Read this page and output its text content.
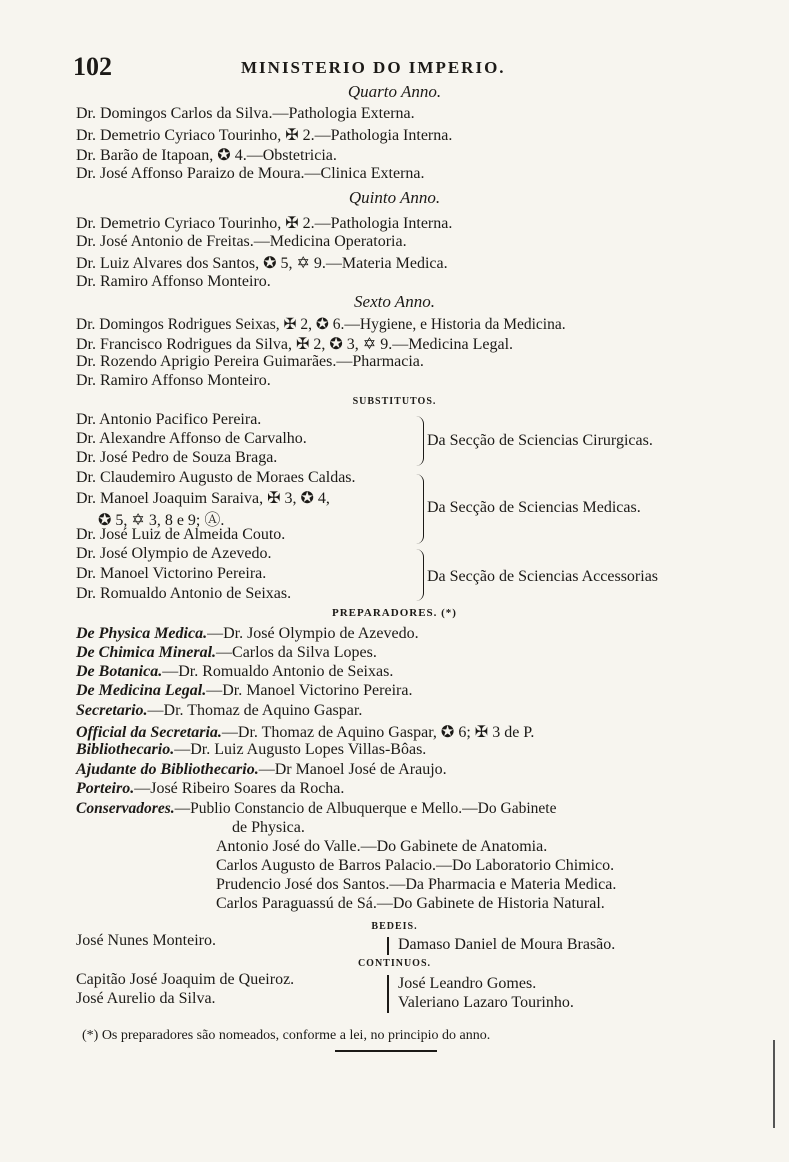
102	MINISTERIO DO IMPERIO.
Quarto Anno.
Dr. Domingos Carlos da Silva.—Pathologia Externa.
Dr. Demetrio Cyriaco Tourinho, ✠ 2.—Pathologia Interna.
Dr. Barão de Itapoan, ✪ 4.—Obstetricia.
Dr. José Affonso Paraizo de Moura.—Clinica Externa.
Quinto Anno.
Dr. Demetrio Cyriaco Tourinho, ✠ 2.—Pathologia Interna.
Dr. José Antonio de Freitas.—Medicina Operatoria.
Dr. Luiz Alvares dos Santos, ✪ 5, ✡ 9.—Materia Medica.
Dr. Ramiro Affonso Monteiro.
Sexto Anno.
Dr. Domingos Rodrigues Seixas, ✠ 2, ✪ 6.—Hygiene, e Historia da Medicina.
Dr. Francisco Rodrigues da Silva, ✠ 2, ✪ 3, ✡ 9.—Medicina Legal.
Dr. Rozendo Aprigio Pereira Guimarães.—Pharmacia.
Dr. Ramiro Affonso Monteiro.
SUBSTITUTOS.
Dr. Antonio Pacifico Pereira.
Dr. Alexandre Affonso de Carvalho.
Dr. José Pedro de Souza Braga.
Da Secção de Sciencias Cirurgicas.
Dr. Claudemiro Augusto de Moraes Caldas.
Dr. Manoel Joaquim Saraiva, ✠ 3, ✪ 4,
✪ 5, ✡ 3, 8 e 9; Ⓐ.
Dr. José Luiz de Almeida Couto.
Da Secção de Sciencias Medicas.
Dr. José Olympio de Azevedo.
Dr. Manoel Victorino Pereira.
Dr. Romualdo Antonio de Seixas.
Da Secção de Sciencias Accessorias
PREPARADORES. (*)
De Physica Medica.—Dr. José Olympio de Azevedo.
De Chimica Mineral.—Carlos da Silva Lopes.
De Botanica.—Dr. Romualdo Antonio de Seixas.
De Medicina Legal.—Dr. Manoel Victorino Pereira.
Secretario.—Dr. Thomaz de Aquino Gaspar.
Official da Secretaria.—Dr. Thomaz de Aquino Gaspar, ✪ 6; ✠ 3 de P.
Bibliothecario.—Dr. Luiz Augusto Lopes Villas-Bôas.
Ajudante do Bibliothecario.—Dr Manoel José de Araujo.
Porteiro.—José Ribeiro Soares da Rocha.
Conservadores.—Publio Constancio de Albuquerque e Mello.—Do Gabinete
de Physica.
Antonio José do Valle.—Do Gabinete de Anatomia.
Carlos Augusto de Barros Palacio.—Do Laboratorio Chimico.
Prudencio José dos Santos.—Da Pharmacia e Materia Medica.
Carlos Paraguassú de Sá.—Do Gabinete de Historia Natural.
BEDEIS.
José Nunes Monteiro.	Damaso Daniel de Moura Brasão.
CONTINUOS.
Capitão José Joaquim de Queiroz.
José Aurelio da Silva.
José Leandro Gomes.
Valeriano Lazaro Tourinho.
(*) Os preparadores são nomeados, conforme a lei, no principio do anno.
